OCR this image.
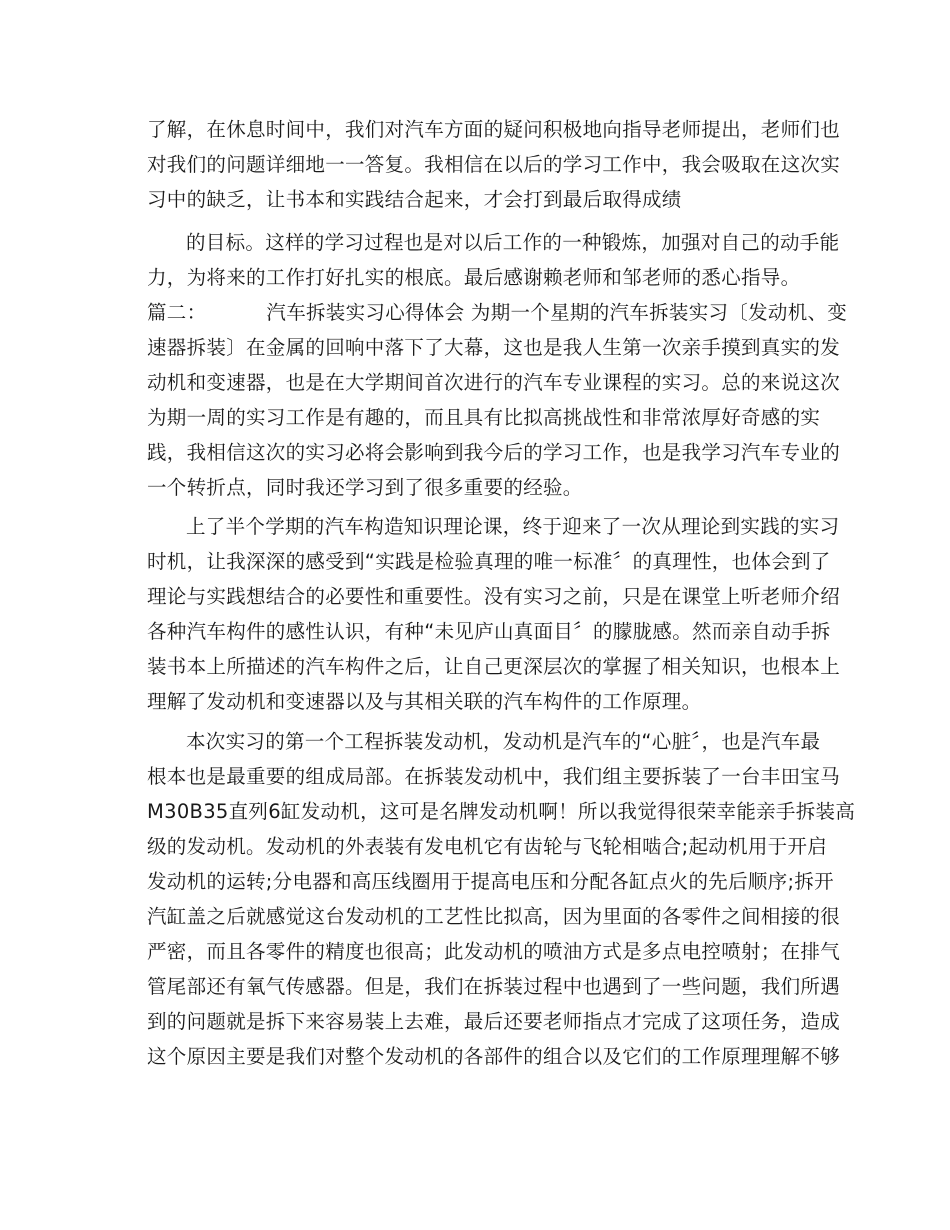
了解，在休息时间中，我们对汽车方面的疑问积极地向指导老师提出，老师们也
对我们的问题详细地一一答复。我相信在以后的学习工作中，我会吸取在这次实
习中的缺乏，让书本和实践结合起来，才会打到最后取得成绩
的目标。这样的学习过程也是对以后工作的一种锻炼，加强对自己的动手能
力，为将来的工作打好扎实的根底。最后感谢赖老师和邹老师的悉心指导。
篇二：	汽车拆装实习心得体会 为期一个星期的汽车拆装实习〔发动机、变
速器拆装〕在金属的回响中落下了大幕，这也是我人生第一次亲手摸到真实的发
动机和变速器，也是在大学期间首次进行的汽车专业课程的实习。总的来说这次
为期一周的实习工作是有趣的，而且具有比拟高挑战性和非常浓厚好奇感的实
践，我相信这次的实习必将会影响到我今后的学习工作，也是我学习汽车专业的
一个转折点，同时我还学习到了很多重要的经验。
上了半个学期的汽车构造知识理论课，终于迎来了一次从理论到实践的实习
时机，让我深深的感受到“实践是检验真理的唯一标准〞的真理性，也体会到了
理论与实践想结合的必要性和重要性。没有实习之前，只是在课堂上听老师介绍
各种汽车构件的感性认识，有种“未见庐山真面目〞的朦胧感。然而亲自动手拆
装书本上所描述的汽车构件之后，让自己更深层次的掌握了相关知识，也根本上
理解了发动机和变速器以及与其相关联的汽车构件的工作原理。
本次实习的第一个工程拆装发动机，发动机是汽车的“心脏〞，也是汽车最
根本也是最重要的组成局部。在拆装发动机中，我们组主要拆装了一台丰田宝马
M30B35直列6缸发动机，这可是名牌发动机啊！所以我觉得很荣幸能亲手拆装高
级的发动机。发动机的外表装有发电机它有齿轮与飞轮相啮合;起动机用于开启
发动机的运转;分电器和高压线圈用于提高电压和分配各缸点火的先后顺序;拆开
汽缸盖之后就感觉这台发动机的工艺性比拟高，因为里面的各零件之间相接的很
严密，而且各零件的精度也很高；此发动机的喷油方式是多点电控喷射；在排气
管尾部还有氧气传感器。但是，我们在拆装过程中也遇到了一些问题，我们所遇
到的问题就是拆下来容易装上去难，最后还要老师指点才完成了这项任务，造成
这个原因主要是我们对整个发动机的各部件的组合以及它们的工作原理理解不够
